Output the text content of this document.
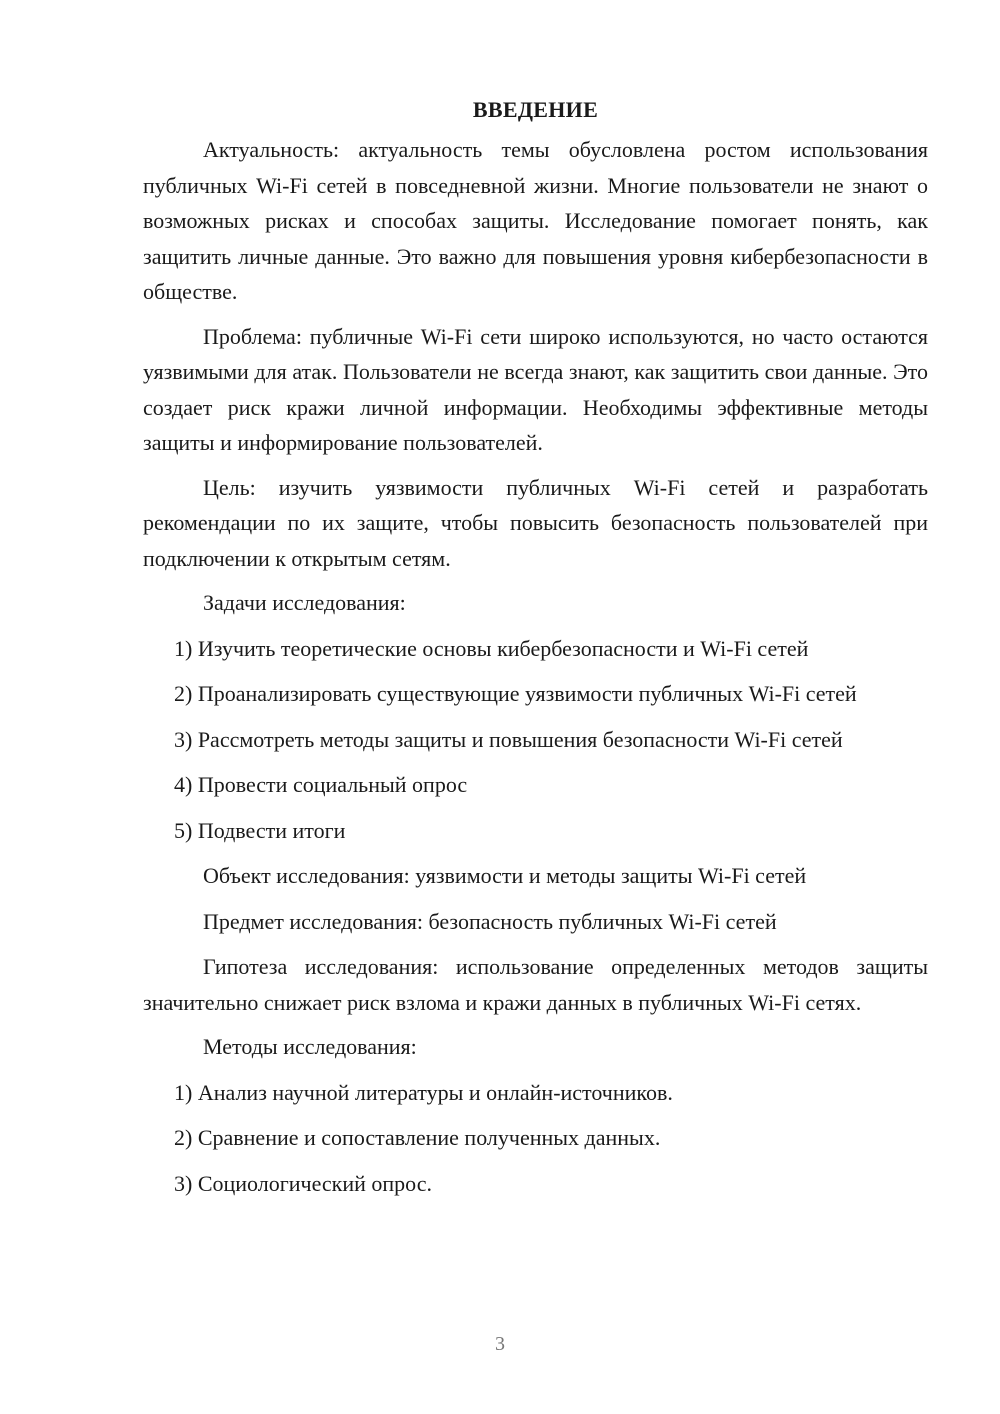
ВВЕДЕНИЕ

Актуальность: актуальность темы обусловлена ростом использования публичных Wi-Fi сетей в повседневной жизни. Многие пользователи не знают о возможных рисках и способах защиты. Исследование помогает понять, как защитить личные данные. Это важно для повышения уровня кибербезопасности в обществе.

Проблема: публичные Wi-Fi сети широко используются, но часто остаются уязвимыми для атак. Пользователи не всегда знают, как защитить свои данные. Это создает риск кражи личной информации. Необходимы эффективные методы защиты и информирование пользователей.

Цель: изучить уязвимости публичных Wi-Fi сетей и разработать рекомендации по их защите, чтобы повысить безопасность пользователей при подключении к открытым сетям.

Задачи исследования:

1) Изучить теоретические основы кибербезопасности и Wi-Fi сетей

2) Проанализировать существующие уязвимости публичных Wi-Fi сетей

3) Рассмотреть методы защиты и повышения безопасности Wi-Fi сетей

4) Провести социальный опрос

5) Подвести итоги

Объект исследования: уязвимости и методы защиты Wi-Fi сетей

Предмет исследования: безопасность публичных Wi-Fi сетей

Гипотеза исследования: использование определенных методов защиты значительно снижает риск взлома и кражи данных в публичных Wi-Fi сетях.

Методы исследования:

1) Анализ научной литературы и онлайн-источников.

2) Сравнение и сопоставление полученных данных.

3) Социологический опрос.

3
